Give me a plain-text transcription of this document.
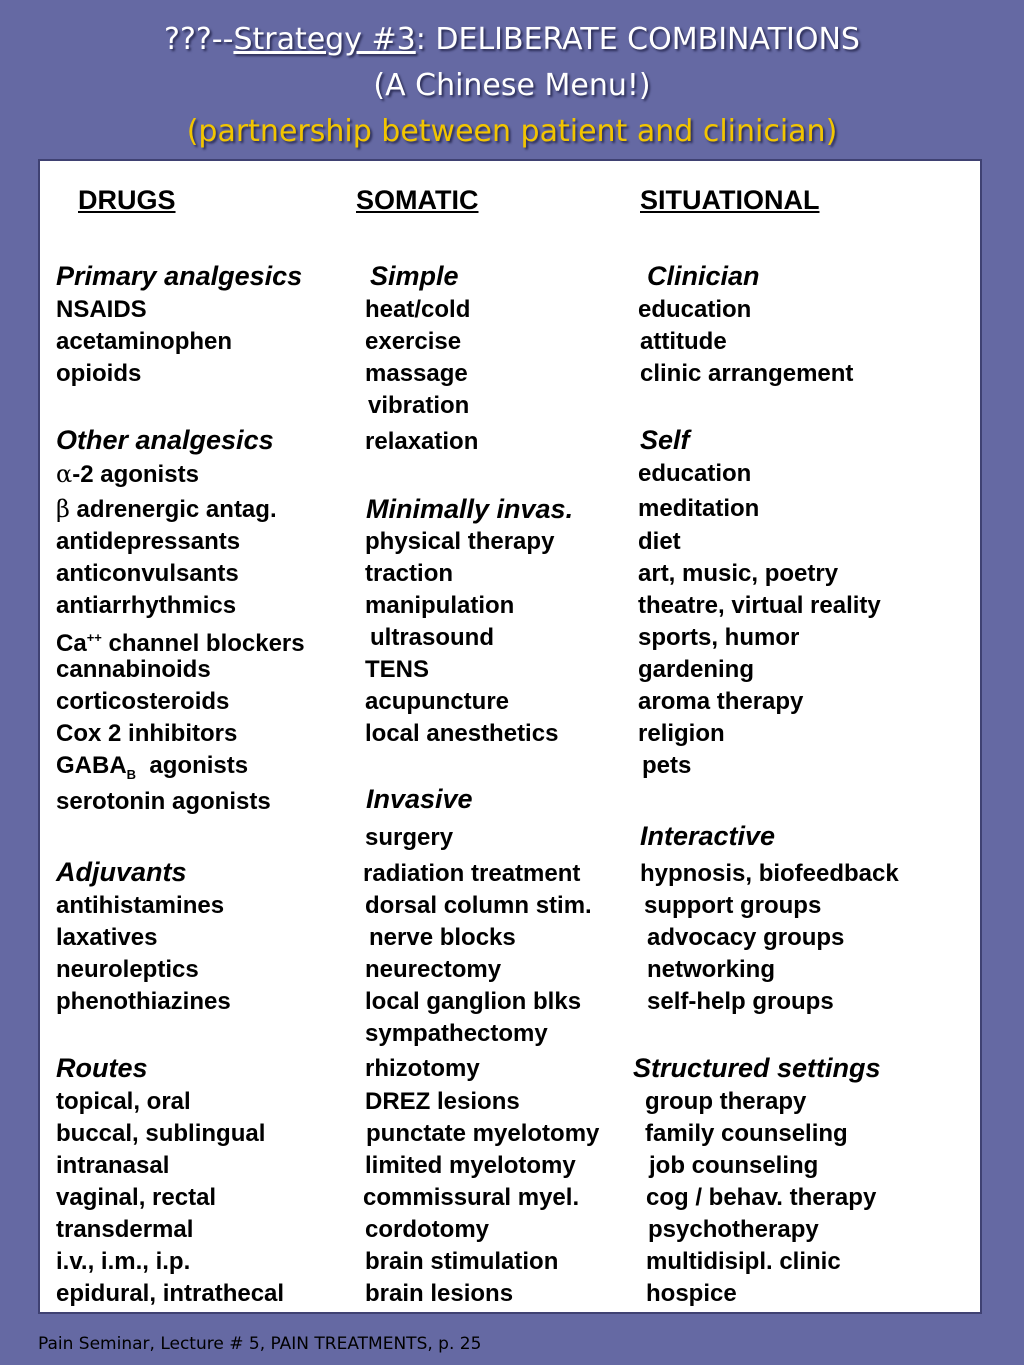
???--Strategy #3: DELIBERATE COMBINATIONS
(A Chinese Menu!)
(partnership between patient and clinician)
DRUGS	SOMATIC	SITUATIONAL
Primary analgesics
NSAIDS
acetaminophen
opioids
Other analgesics
α-2 agonists
β adrenergic antag.
antidepressants
anticonvulsants
antiarrhythmics
Ca++ channel blockers
cannabinoids
corticosteroids
Cox 2 inhibitors
$GABA_B$  agonists
serotonin agonists
Adjuvants
antihistamines
laxatives
neuroleptics
phenothiazines
Routes
topical, oral
buccal, sublingual
intranasal
vaginal, rectal
transdermal
i.v., i.m., i.p.
epidural, intrathecal
Simple
heat/cold
exercise
massage
vibration
relaxation
Minimally invas.
physical therapy
traction
manipulation
ultrasound
TENS
acupuncture
local anesthetics
Invasive
surgery
radiation treatment
dorsal column stim.
nerve blocks
neurectomy
local ganglion blks
sympathectomy
rhizotomy
DREZ lesions
punctate myelotomy
limited myelotomy
commissural myel.
cordotomy
brain stimulation
brain lesions
Clinician
education
attitude
clinic arrangement
Self
education
meditation
diet
art, music, poetry
theatre, virtual reality
sports, humor
gardening
aroma therapy
religion
pets
Interactive
hypnosis, biofeedback
support groups
advocacy groups
networking
self-help groups
Structured settings
group therapy
family counseling
job counseling
cog / behav. therapy
psychotherapy
multidisipl. clinic
hospice
Pain Seminar, Lecture # 5, PAIN TREATMENTS, p. 25
